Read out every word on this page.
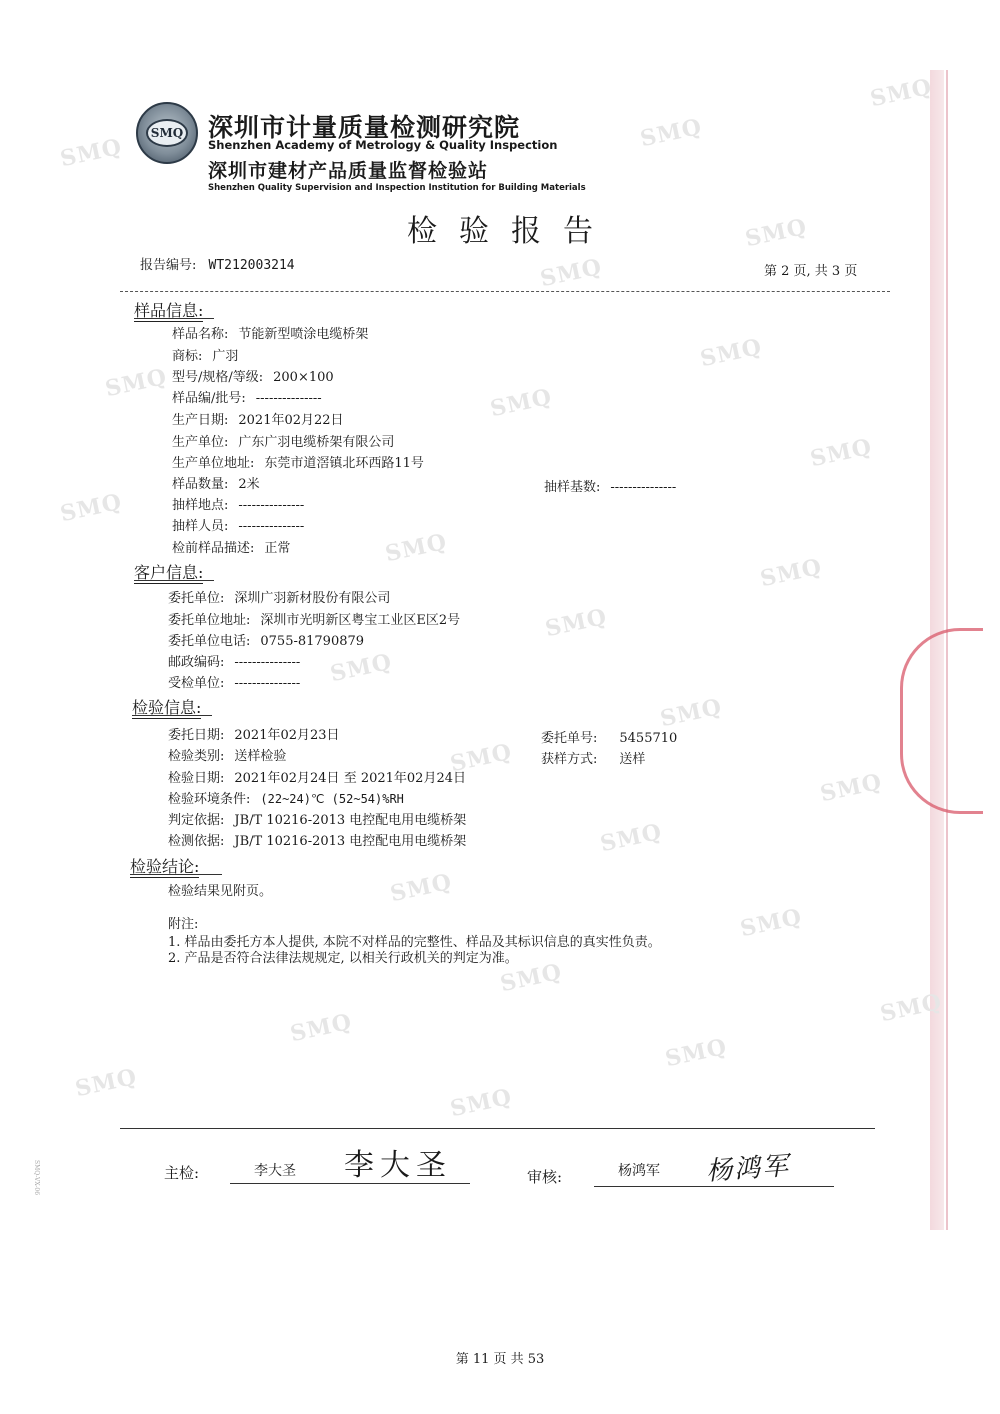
SMQ
SMQ
SMQ
SMQ
SMQ
SMQ
SMQ
SMQ
SMQ
SMQ
SMQ
SMQ
SMQ
SMQ
SMQ
SMQ
SMQ
SMQ
SMQ
SMQ
SMQ
SMQ
SMQ
SMQ
SMQ
SMQ
SMQ 深圳市计量质量检测研究院
Shenzhen Academy of Metrology & Quality Inspection
深圳市建材产品质量监督检验站
Shenzhen Quality Supervision and Inspection Institution for Building Materials
检验报告
报告编号: WT212003214	第 2 页, 共 3 页
样品信息:
样品名称: 节能新型喷涂电缆桥架
商标: 广羽
型号/规格/等级: 200×100
样品编/批号: ---------------
生产日期: 2021年02月22日
生产单位: 广东广羽电缆桥架有限公司
生产单位地址: 东莞市道滘镇北环西路11号
样品数量: 2米	抽样基数: ---------------
抽样地点: ---------------
抽样人员: ---------------
检前样品描述: 正常
客户信息:
委托单位: 深圳广羽新材股份有限公司
委托单位地址: 深圳市光明新区粤宝工业区E区2号
委托单位电话: 0755-81790879
邮政编码: ---------------
受检单位: ---------------
检验信息:
委托日期: 2021年02月23日	委托单号: 5455710
检验类别: 送样检验	获样方式: 送样
检验日期: 2021年02月24日 至 2021年02月24日
检验环境条件: (22~24)℃ (52~54)%RH
判定依据: JB/T 10216-2013 电控配电用电缆桥架
检测依据: JB/T 10216-2013 电控配电用电缆桥架
检验结论:
检验结果见附页。
附注:
1. 样品由委托方本人提供, 本院不对样品的完整性、样品及其标识信息的真实性负责。
2. 产品是否符合法律法规规定, 以相关行政机关的判定为准。
SMQ-VX-06	主检:	李大圣 李大圣	审核:	杨鸿军 杨鸿军
第 11 页 共 53
